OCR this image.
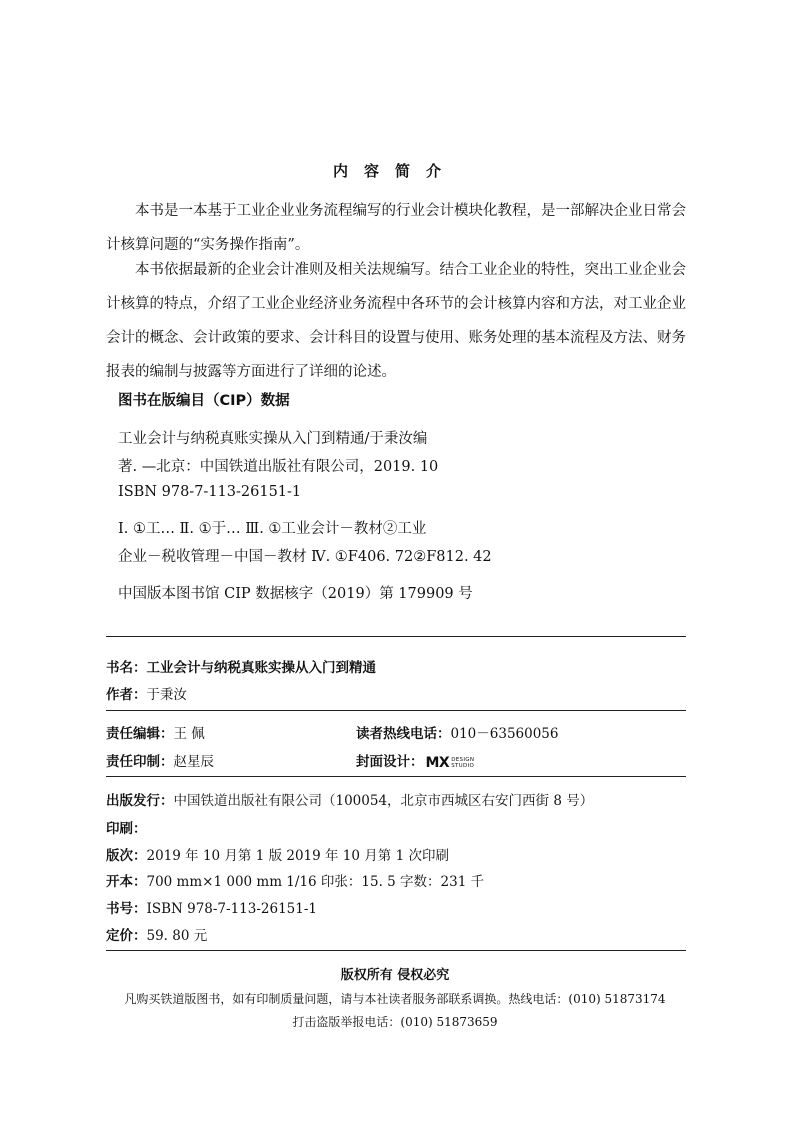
内容简介
本书是一本基于工业企业业务流程编写的行业会计模块化教程，是一部解决企业日常会计核算问题的“实务操作指南”。
本书依据最新的企业会计准则及相关法规编写。结合工业企业的特性，突出工业企业会计核算的特点，介绍了工业企业经济业务流程中各环节的会计核算内容和方法，对工业企业会计的概念、会计政策的要求、会计科目的设置与使用、账务处理的基本流程及方法、财务报表的编制与披露等方面进行了详细的论述。
图书在版编目（CIP）数据
工业会计与纳税真账实操从入门到精通/于秉汝编
著. —北京：中国铁道出版社有限公司，2019. 10
ISBN 978-7-113-26151-1
Ⅰ. ①工… Ⅱ. ①于… Ⅲ. ①工业会计－教材②工业
企业－税收管理－中国－教材 Ⅳ. ①F406. 72②F812. 42
中国版本图书馆 CIP 数据核字（2019）第 179909 号
书名：工业会计与纳税真账实操从入门到精通
作者：于秉汝
责任编辑：王 佩	读者热线电话：010－63560056
责任印制：赵星辰	封面设计： MX DESIGN STUDIO
出版发行：中国铁道出版社有限公司（100054，北京市西城区右安门西街 8 号）
印刷：
版次：2019 年 10 月第 1 版 2019 年 10 月第 1 次印刷
开本：700 mm×1 000 mm 1/16 印张：15. 5 字数：231 千
书号：ISBN 978-7-113-26151-1
定价：59. 80 元
版权所有 侵权必究
凡购买铁道版图书，如有印制质量问题，请与本社读者服务部联系调换。热线电话：(010) 51873174
打击盗版举报电话：(010) 51873659
